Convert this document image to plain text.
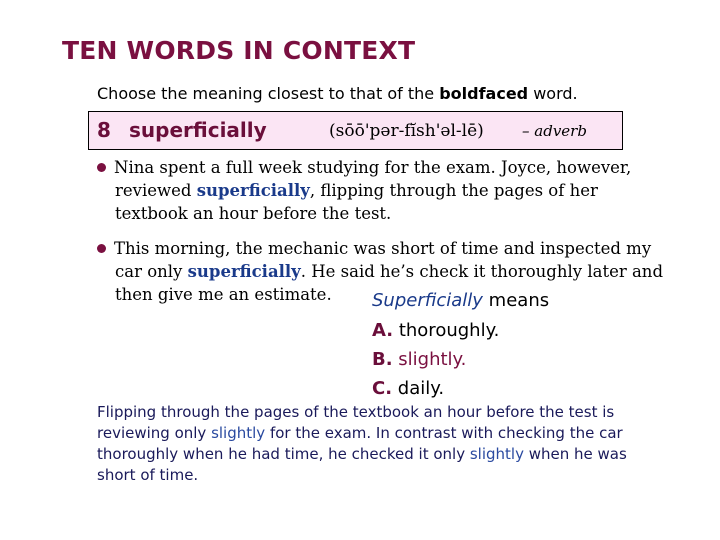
TEN WORDS IN CONTEXT
Choose the meaning closest to that of the boldfaced word.
8 superficially	(sōō'pər-fĭsh'əl-lē)	– adverb
Nina spent a full week studying for the exam. Joyce, however,
reviewed superficially, flipping through the pages of her
textbook an hour before the test.
This morning, the mechanic was short of time and inspected my
car only superficially. He said he’s check it thoroughly later and
then give me an estimate.	Superficially means
A. thoroughly.
B. slightly.
C. daily.
Flipping through the pages of the textbook an hour before the test is
reviewing only slightly for the exam. In contrast with checking the car
thoroughly when he had time, he checked it only slightly when he was
short of time.
